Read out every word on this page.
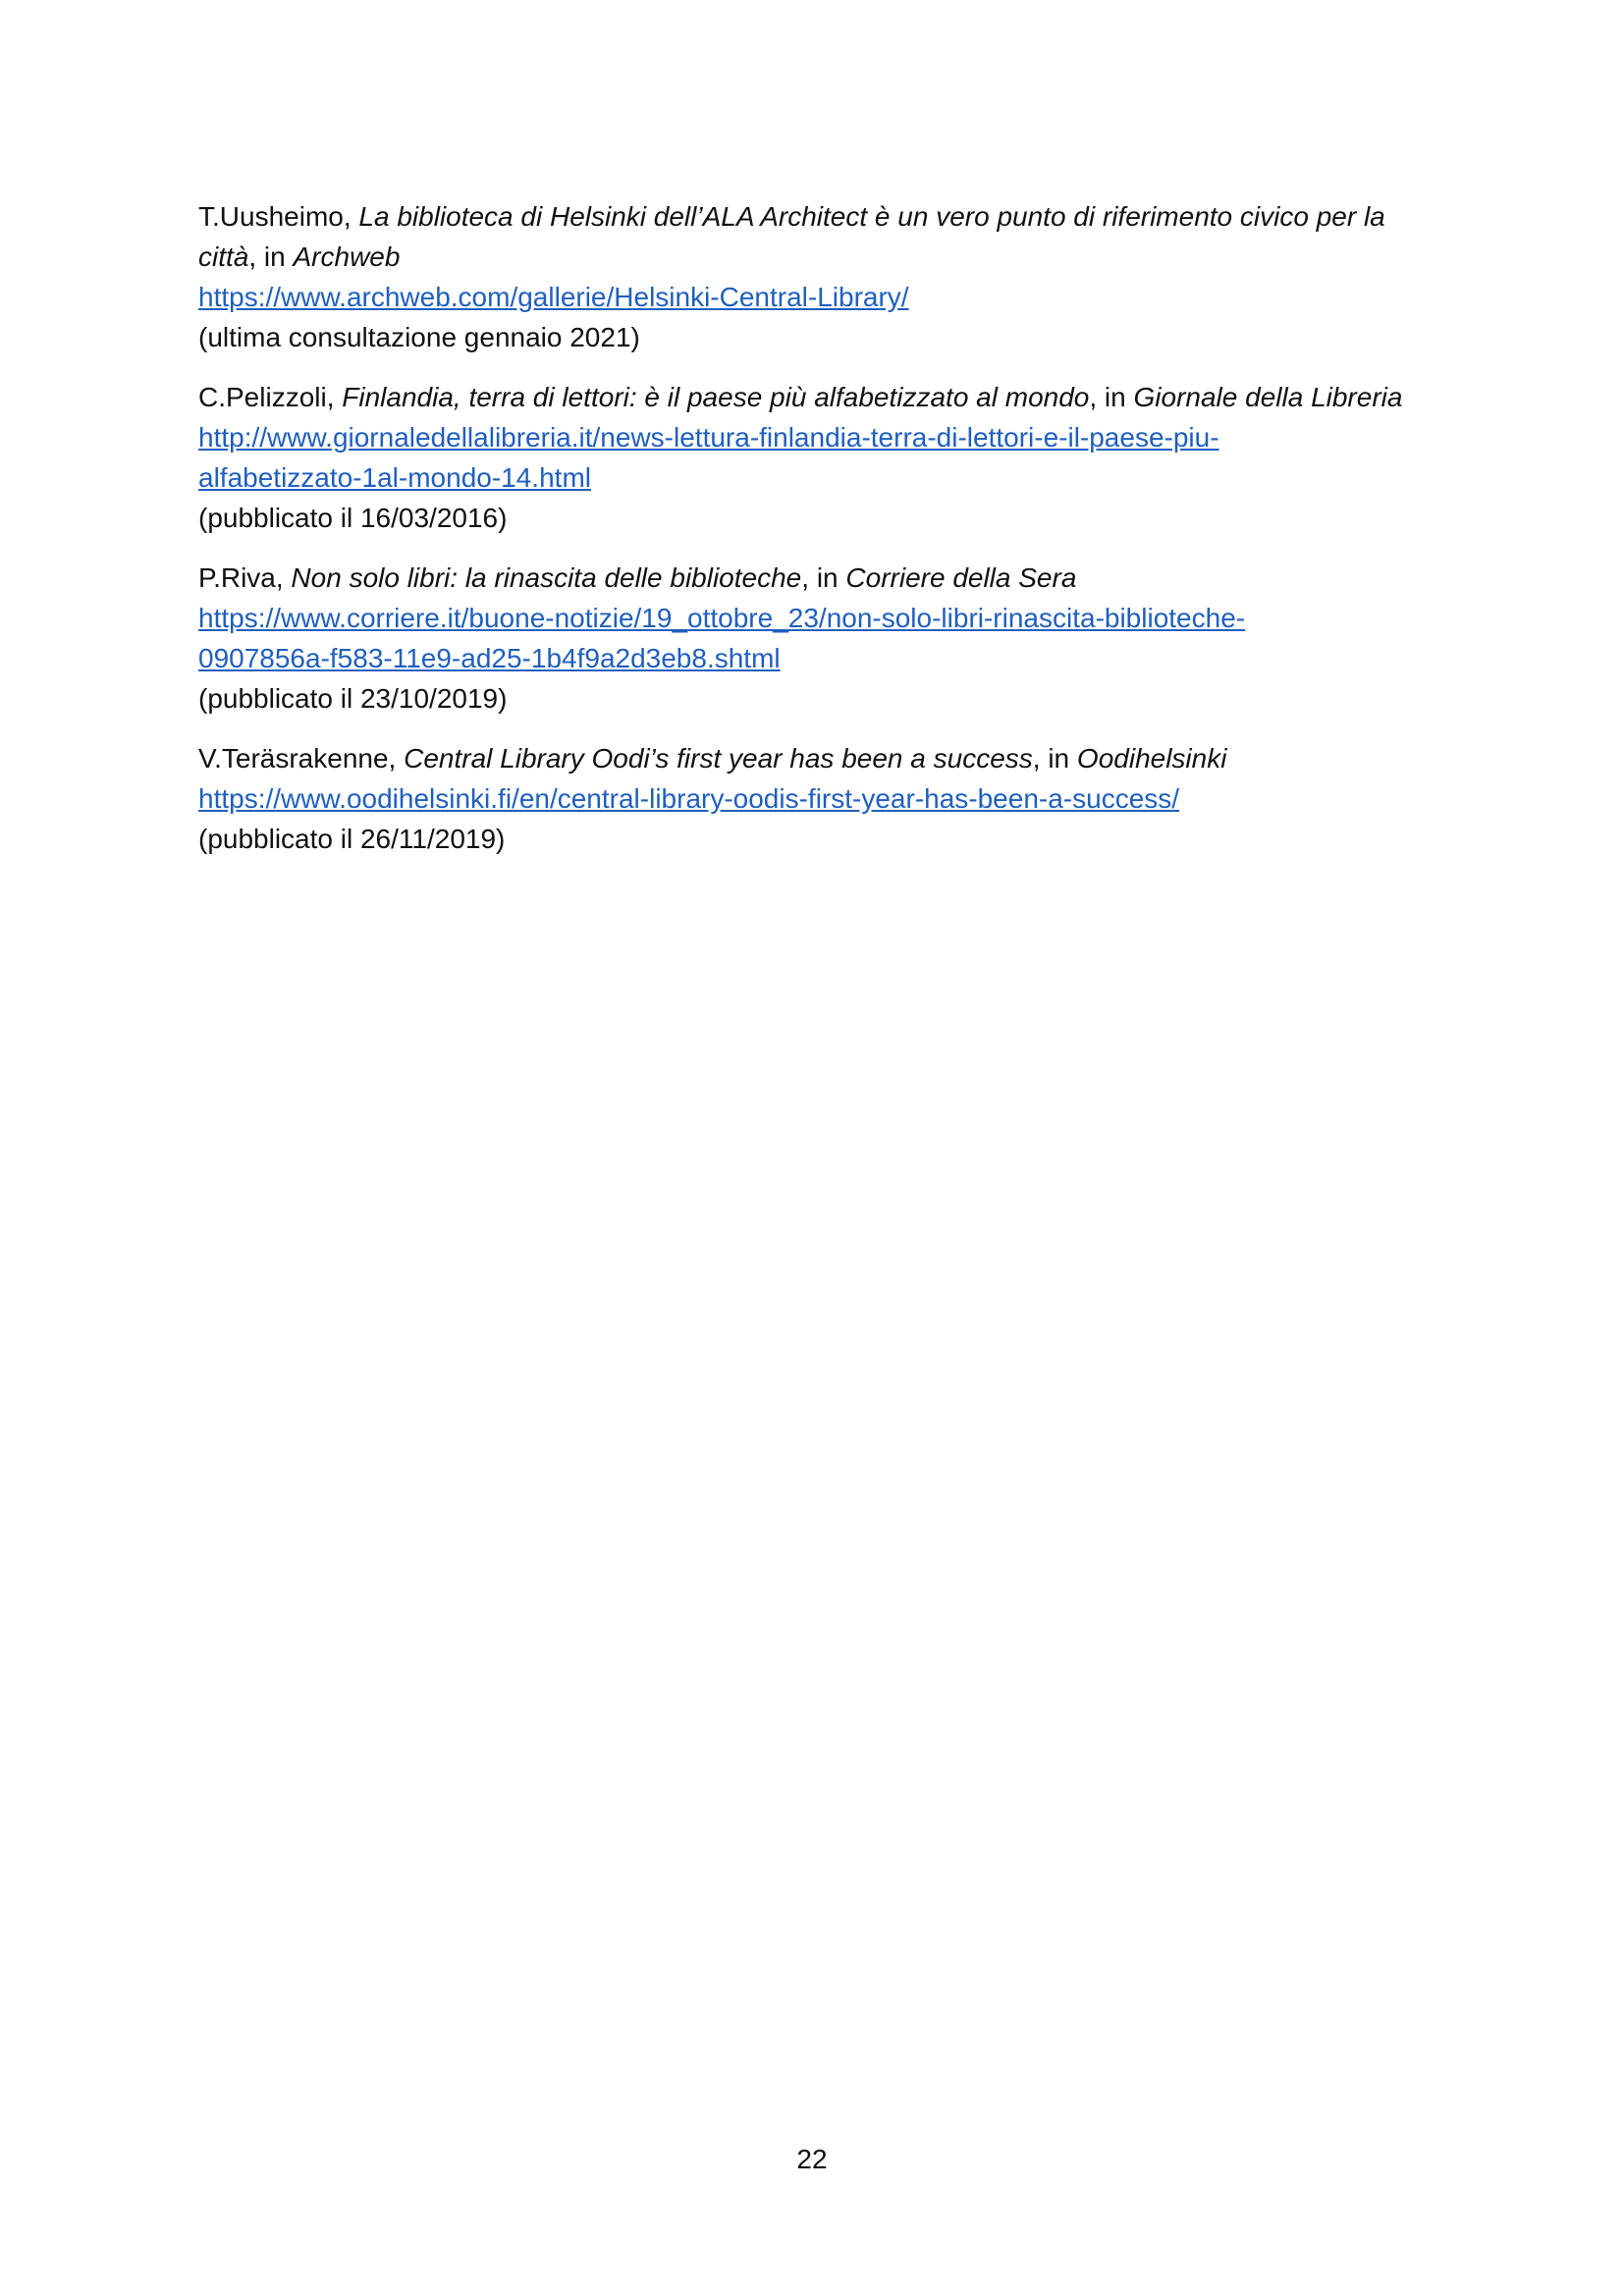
T.Uusheimo, La biblioteca di Helsinki dell’ALA Architect è un vero punto di riferimento civico per la città, in Archweb
https://www.archweb.com/gallerie/Helsinki-Central-Library/
(ultima consultazione gennaio 2021)

C.Pelizzoli, Finlandia, terra di lettori: è il paese più alfabetizzato al mondo, in Giornale della Libreria
http://www.giornaledellalibreria.it/news-lettura-finlandia-terra-di-lettori-e-il-paese-piu-
alfabetizzato-1al-mondo-14.html
(pubblicato il 16/03/2016)

P.Riva, Non solo libri: la rinascita delle biblioteche, in Corriere della Sera
https://www.corriere.it/buone-notizie/19_ottobre_23/non-solo-libri-rinascita-biblioteche-
0907856a-f583-11e9-ad25-1b4f9a2d3eb8.shtml
(pubblicato il 23/10/2019)

V.Teräsrakenne, Central Library Oodi’s first year has been a success, in Oodihelsinki
https://www.oodihelsinki.fi/en/central-library-oodis-first-year-has-been-a-success/
(pubblicato il 26/11/2019)

22
